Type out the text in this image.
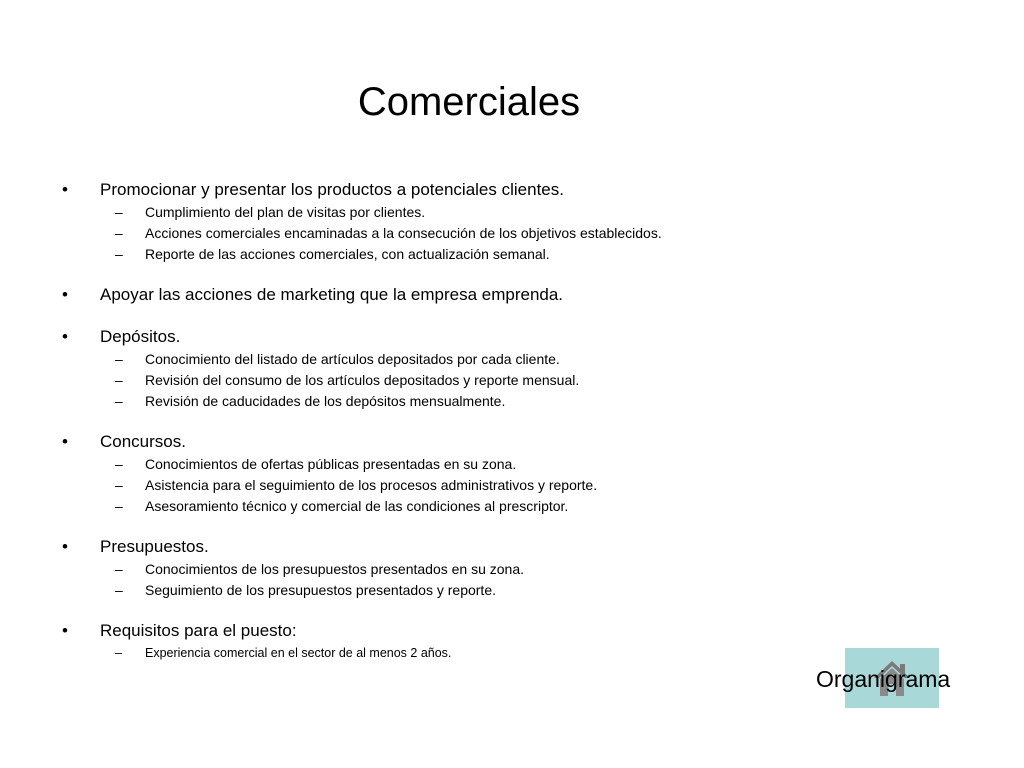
Comerciales
• Promocionar y presentar los productos a potenciales clientes.
– Cumplimiento del plan de visitas por clientes.
– Acciones comerciales encaminadas a la consecución de los objetivos establecidos.
– Reporte de las acciones comerciales, con actualización semanal.
• Apoyar las acciones de marketing que la empresa emprenda.
• Depósitos.
– Conocimiento del listado de artículos depositados por cada cliente.
– Revisión del consumo de los artículos depositados y reporte mensual.
– Revisión de caducidades de los depósitos mensualmente.
• Concursos.
– Conocimientos de ofertas públicas presentadas en su zona.
– Asistencia para el seguimiento de los procesos administrativos y reporte.
– Asesoramiento técnico y comercial de las condiciones al prescriptor.
• Presupuestos.
– Conocimientos de los presupuestos presentados en su zona.
– Seguimiento de los presupuestos presentados y reporte.
• Requisitos para el puesto:
– Experiencia comercial en el sector de al menos 2 años.
Organigrama
